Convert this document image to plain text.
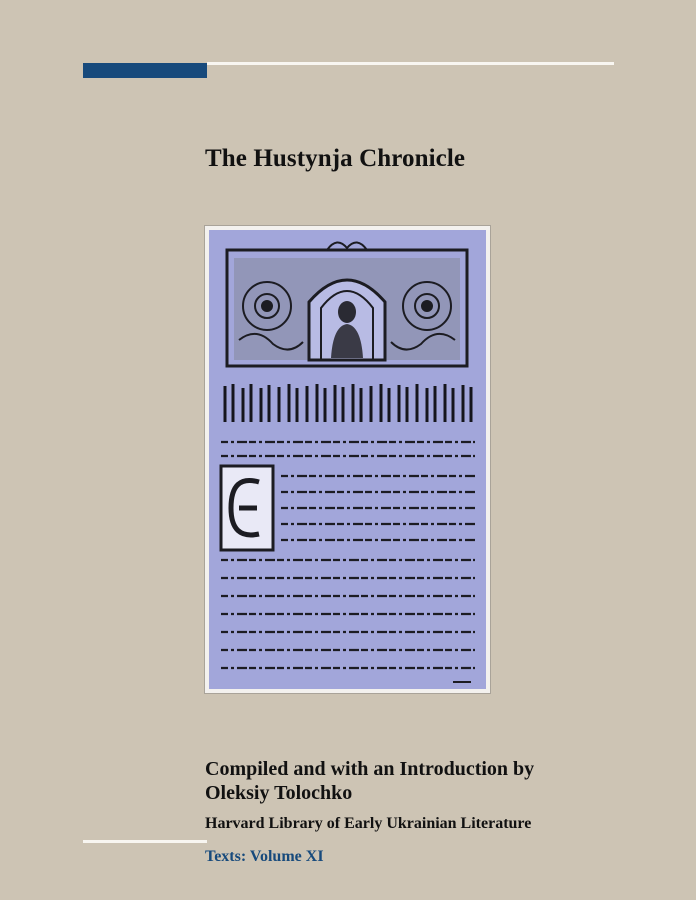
The Hustynja Chronicle

Compiled and with an Introduction by
Oleksiy Tolochko

Harvard Library of Early Ukrainian Literature

Texts: Volume XI
